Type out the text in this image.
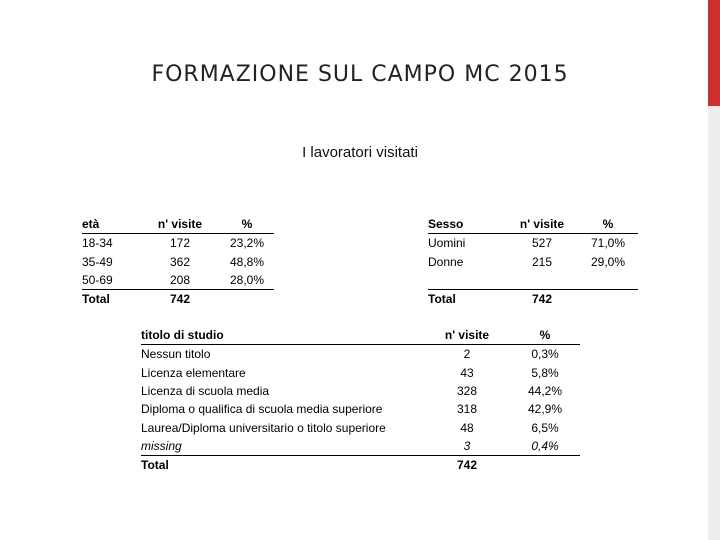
FORMAZIONE SUL CAMPO MC 2015
I lavoratori visitati
età	n' visite	%
18-34	172	23,2%
35-49	362	48,8%
50-69	208	28,0%
Total	742	
Sesso	n' visite	%
Uomini	527	71,0%
Donne	215	29,0%

Total	742	
titolo di studio	n' visite	%
Nessun titolo	2	0,3%
Licenza elementare	43	5,8%
Licenza di scuola media	328	44,2%
Diploma o qualifica di scuola media superiore	318	42,9%
Laurea/Diploma universitario o titolo superiore	48	6,5%
missing	3	0,4%
Total	742	
